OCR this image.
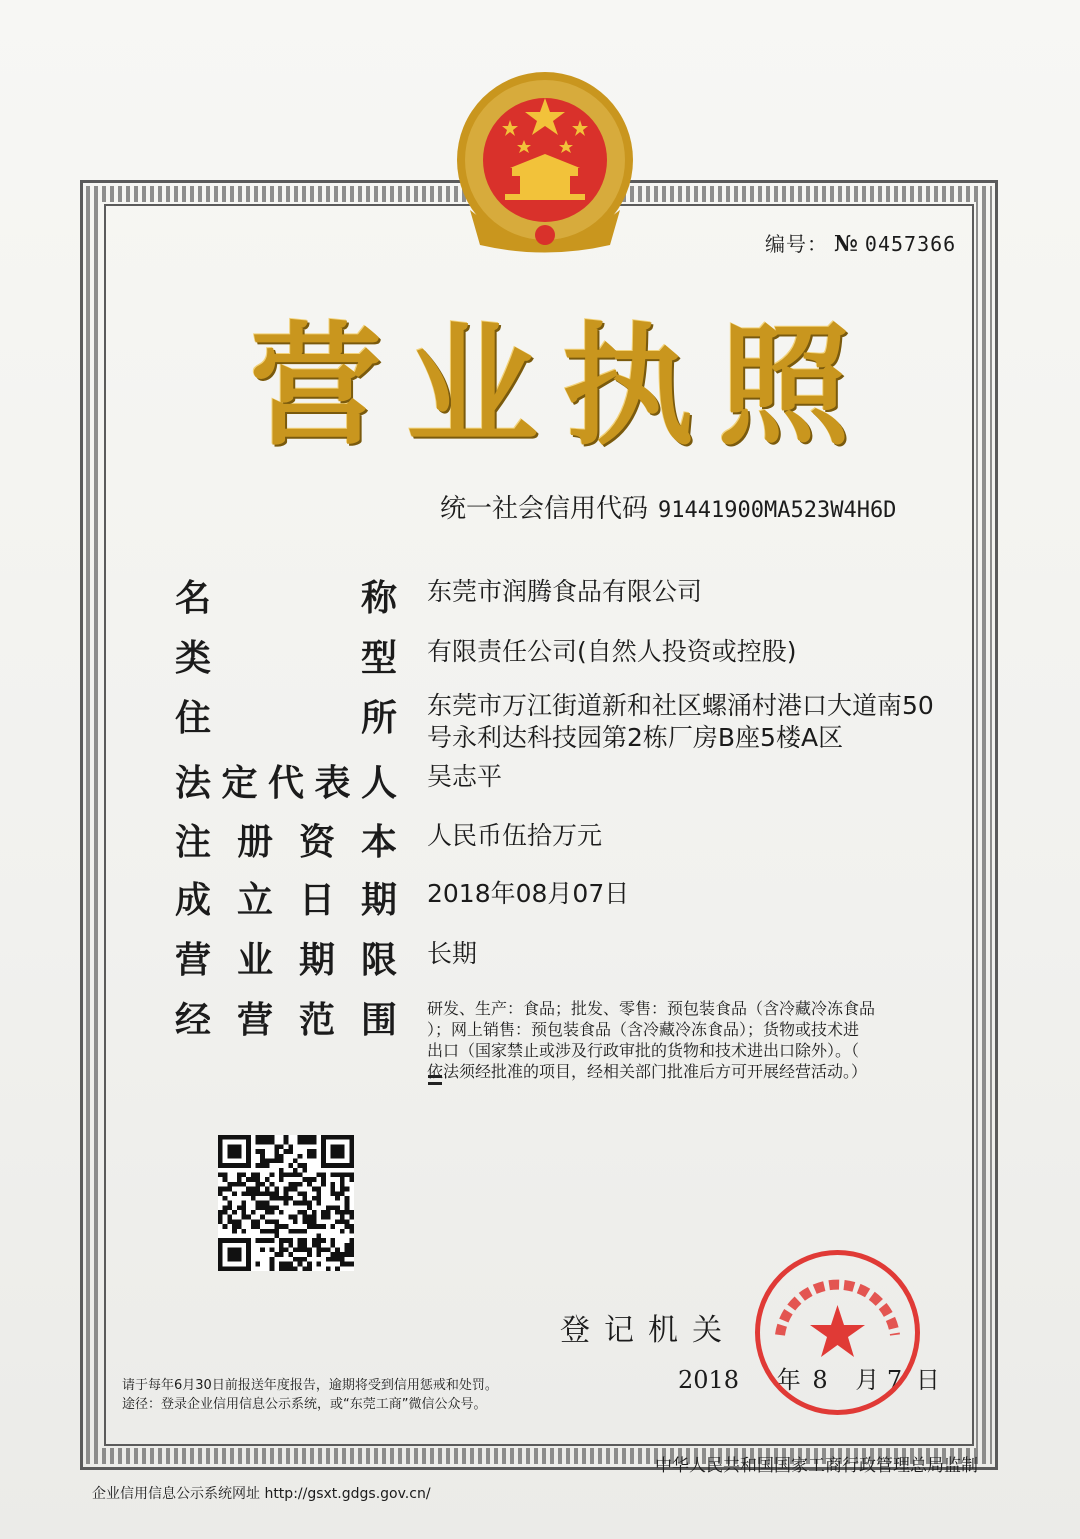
编号： № 0457366
营 业 执 照
统一社会信用代码 91441900MA523W4H6D
名	称 东莞市润腾食品有限公司
类	型 有限责任公司(自然人投资或控股)
住	所 东莞市万江街道新和社区螺涌村港口大道南50
号永利达科技园第2栋厂房B座5楼A区
法 定 代 表 人 吴志平
注 册 资 本 人民币伍拾万元
成 立 日 期 2018年08月07日
营 业 期 限 长期
经 营 范 围 研发、生产：食品；批发、零售：预包装食品（含冷藏冷冻食品
）；网上销售：预包装食品（含冷藏冷冻食品）；货物或技术进
出口（国家禁止或涉及行政审批的货物和技术进出口除外）。（
依法须经批准的项目，经相关部门批准后方可开展经营活动。）
登记机关
2018 年 8 月 7 日
请于每年6月30日前报送年度报告，逾期将受到信用惩戒和处罚。
途径：登录企业信用信息公示系统，或“东莞工商”微信公众号。
中华人民共和国国家工商行政管理总局监制
企业信用信息公示系统网址 http://gsxt.gdgs.gov.cn/
